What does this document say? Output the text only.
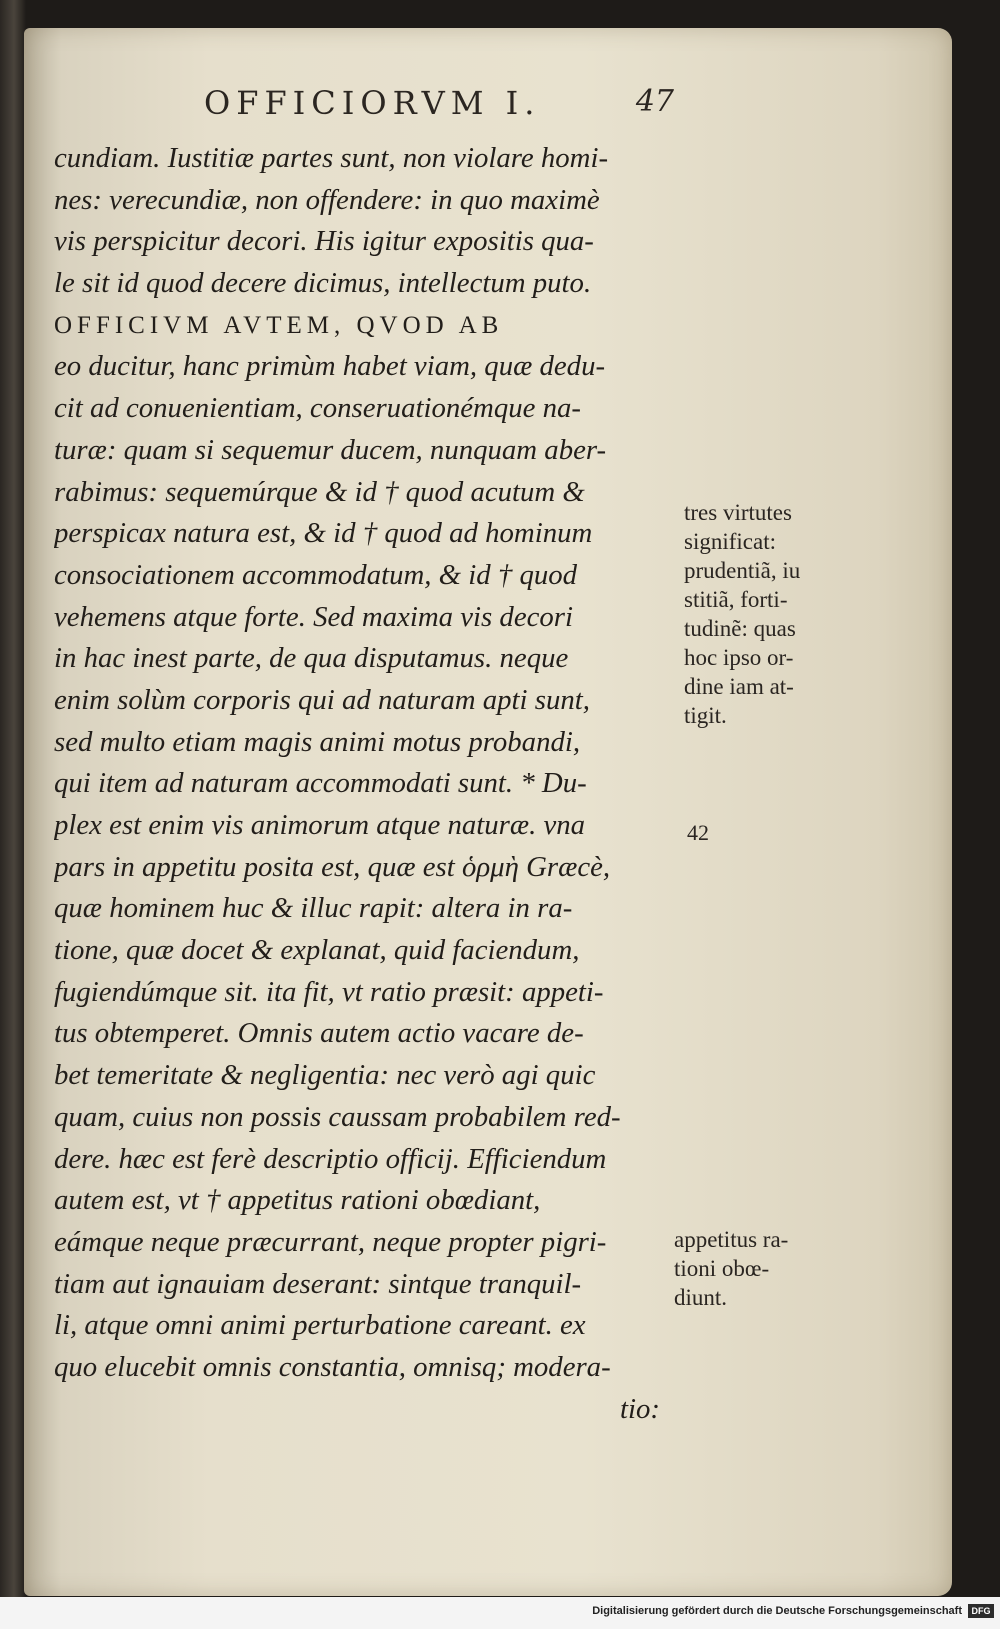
OFFICIORVM I.	47
cundiam. Iustitiæ partes sunt, non violare homi-
nes: verecundiæ, non offendere: in quo maximè
vis perspicitur decori. His igitur expositis qua-
le sit id quod decere dicimus, intellectum puto.
OFFICIVM AVTEM, QVOD AB
eo ducitur, hanc primùm habet viam, quæ dedu-
cit ad conuenientiam, conseruationémque na-
turæ: quam si sequemur ducem, nunquam aber-
rabimus: sequemúrque & id † quod acutum &
perspicax natura est, & id † quod ad hominum
consociationem accommodatum, & id † quod
vehemens atque forte. Sed maxima vis decori
in hac inest parte, de qua disputamus. neque
enim solùm corporis qui ad naturam apti sunt,
sed multo etiam magis animi motus probandi,
qui item ad naturam accommodati sunt. * Du-
plex est enim vis animorum atque naturæ. vna
pars in appetitu posita est, quæ est ὁρμὴ Græcè,
quæ hominem huc & illuc rapit: altera in ra-
tione, quæ docet & explanat, quid faciendum,
fugiendúmque sit. ita fit, vt ratio præsit: appeti-
tus obtemperet. Omnis autem actio vacare de-
bet temeritate & negligentia: nec verò agi quic
quam, cuius non possis caussam probabilem red-
dere. hæc est ferè descriptio officij. Efficiendum
autem est, vt † appetitus rationi obœdiant,
eámque neque præcurrant, neque propter pigri-
tiam aut ignauiam deserant: sintque tranquil-
li, atque omni animi perturbatione careant. ex
quo elucebit omnis constantia, omnisq; modera-
tio:
tres virtutes
significat:
prudentiã, iu
stitiã, forti-
tudinẽ: quas
hoc ipso or-
dine iam at-
tigit.
42
appetitus ra-
tioni obœ-
diunt.
Digitalisierung gefördert durch die Deutsche Forschungsgemeinschaft	DFG
